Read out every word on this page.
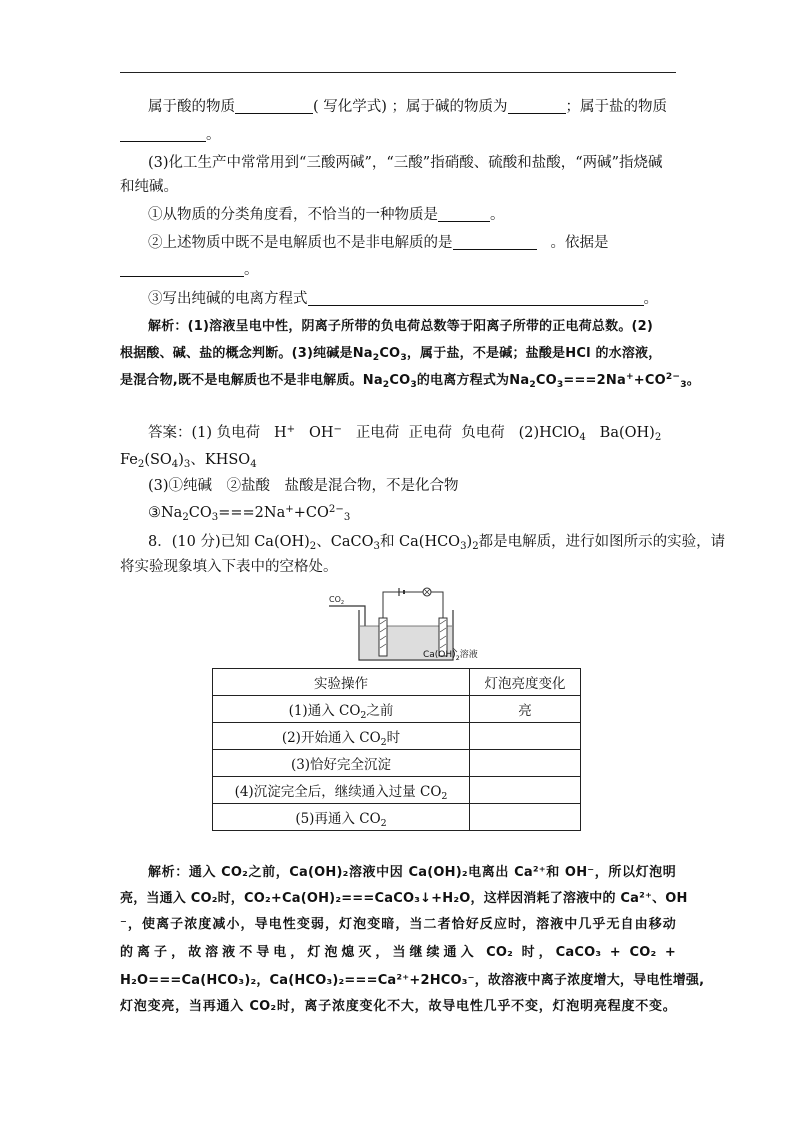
属于酸的物质	( 写化学式) ；属于碱的物质为	；属于盐的物质
。
(3)化工生产中常常用到“三酸两碱”，“三酸”指硝酸、硫酸和盐酸，“两碱”指烧碱
和纯碱。
①从物质的分类角度看，不恰当的一种物质是	。
②上述物质中既不是电解质也不是非电解质的是	。依据是
。
③写出纯碱的电离方程式	。
解析：(1)溶液呈电中性，阴离子所带的负电荷总数等于阳离子所带的正电荷总数。(2)
根据酸、碱、盐的概念判断。(3)纯碱是$Na_2CO_3$，属于盐，不是碱；盐酸是HCl 的水溶液，
是混合物,既不是电解质也不是非电解质。$Na_2CO_3$的电离方程式为$Na_2CO_3===2Na^++CO^{2-}_3$。
答案：(1) 负电荷 H+ OH− 正电荷 正电荷 负电荷 (2)HClO$_4$ $Ba(OH)_2$
$Fe_2(SO_4)_3$、$KHSO_4$
(3)①纯碱　②盐酸　盐酸是混合物，不是化合物
$③Na_2CO_3===2Na^++CO^{2-}_3$
8．(10 分)已知 $Ca(OH)_2$、CaCO$_3$和 $Ca(HCO_3)_2$都是电解质，进行如图所示的实验，请
将实验现象填入下表中的空格处。
$CO_2$
$Ca(OH)_2$溶液
实验操作	灯泡亮度变化
(1)通入 $CO_2$之前	亮
(2)开始通入 $CO_2$时	
(3)恰好完全沉淀	
(4)沉淀完全后，继续通入过量 $CO_2$	
(5)再通入 $CO_2$	
解析：通入 CO₂之前，Ca(OH)₂溶液中因 Ca(OH)₂电离出 Ca²⁺和 OH⁻，所以灯泡明
亮，当通入 CO₂时，CO₂+Ca(OH)₂===CaCO₃↓+H₂O，这样因消耗了溶液中的 Ca²⁺、OH
⁻，使离子浓度减小，导电性变弱，灯泡变暗，当二者恰好反应时，溶液中几乎无自由移动
的离子，故溶液不导电，灯泡熄灭，当继续通入 CO₂ 时，CaCO₃ + CO₂ +
H₂O===Ca(HCO₃)₂，Ca(HCO₃)₂===Ca²⁺+2HCO₃⁻，故溶液中离子浓度增大，导电性增强,
灯泡变亮，当再通入 CO₂时，离子浓度变化不大，故导电性几乎不变，灯泡明亮程度不变。
